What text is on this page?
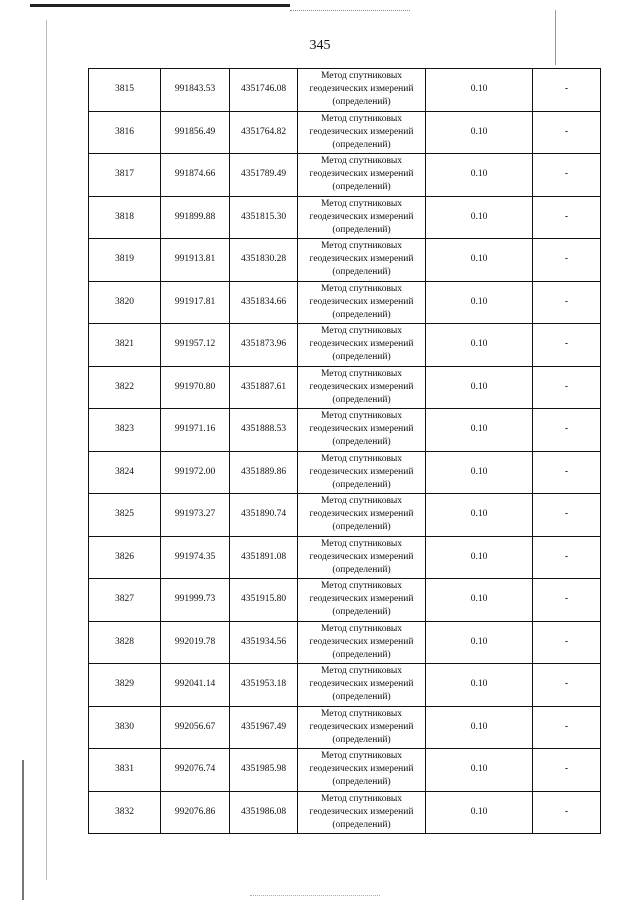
345
3815	991843.53	4351746.08	Метод спутниковых
геодезических измерений
(определений)	0.10	-
3816	991856.49	4351764.82	Метод спутниковых
геодезических измерений
(определений)	0.10	-
3817	991874.66	4351789.49	Метод спутниковых
геодезических измерений
(определений)	0.10	-
3818	991899.88	4351815.30	Метод спутниковых
геодезических измерений
(определений)	0.10	-
3819	991913.81	4351830.28	Метод спутниковых
геодезических измерений
(определений)	0.10	-
3820	991917.81	4351834.66	Метод спутниковых
геодезических измерений
(определений)	0.10	-
3821	991957.12	4351873.96	Метод спутниковых
геодезических измерений
(определений)	0.10	-
3822	991970.80	4351887.61	Метод спутниковых
геодезических измерений
(определений)	0.10	-
3823	991971.16	4351888.53	Метод спутниковых
геодезических измерений
(определений)	0.10	-
3824	991972.00	4351889.86	Метод спутниковых
геодезических измерений
(определений)	0.10	-
3825	991973.27	4351890.74	Метод спутниковых
геодезических измерений
(определений)	0.10	-
3826	991974.35	4351891.08	Метод спутниковых
геодезических измерений
(определений)	0.10	-
3827	991999.73	4351915.80	Метод спутниковых
геодезических измерений
(определений)	0.10	-
3828	992019.78	4351934.56	Метод спутниковых
геодезических измерений
(определений)	0.10	-
3829	992041.14	4351953.18	Метод спутниковых
геодезических измерений
(определений)	0.10	-
3830	992056.67	4351967.49	Метод спутниковых
геодезических измерений
(определений)	0.10	-
3831	992076.74	4351985.98	Метод спутниковых
геодезических измерений
(определений)	0.10	-
3832	992076.86	4351986.08	Метод спутниковых
геодезических измерений
(определений)	0.10	-
